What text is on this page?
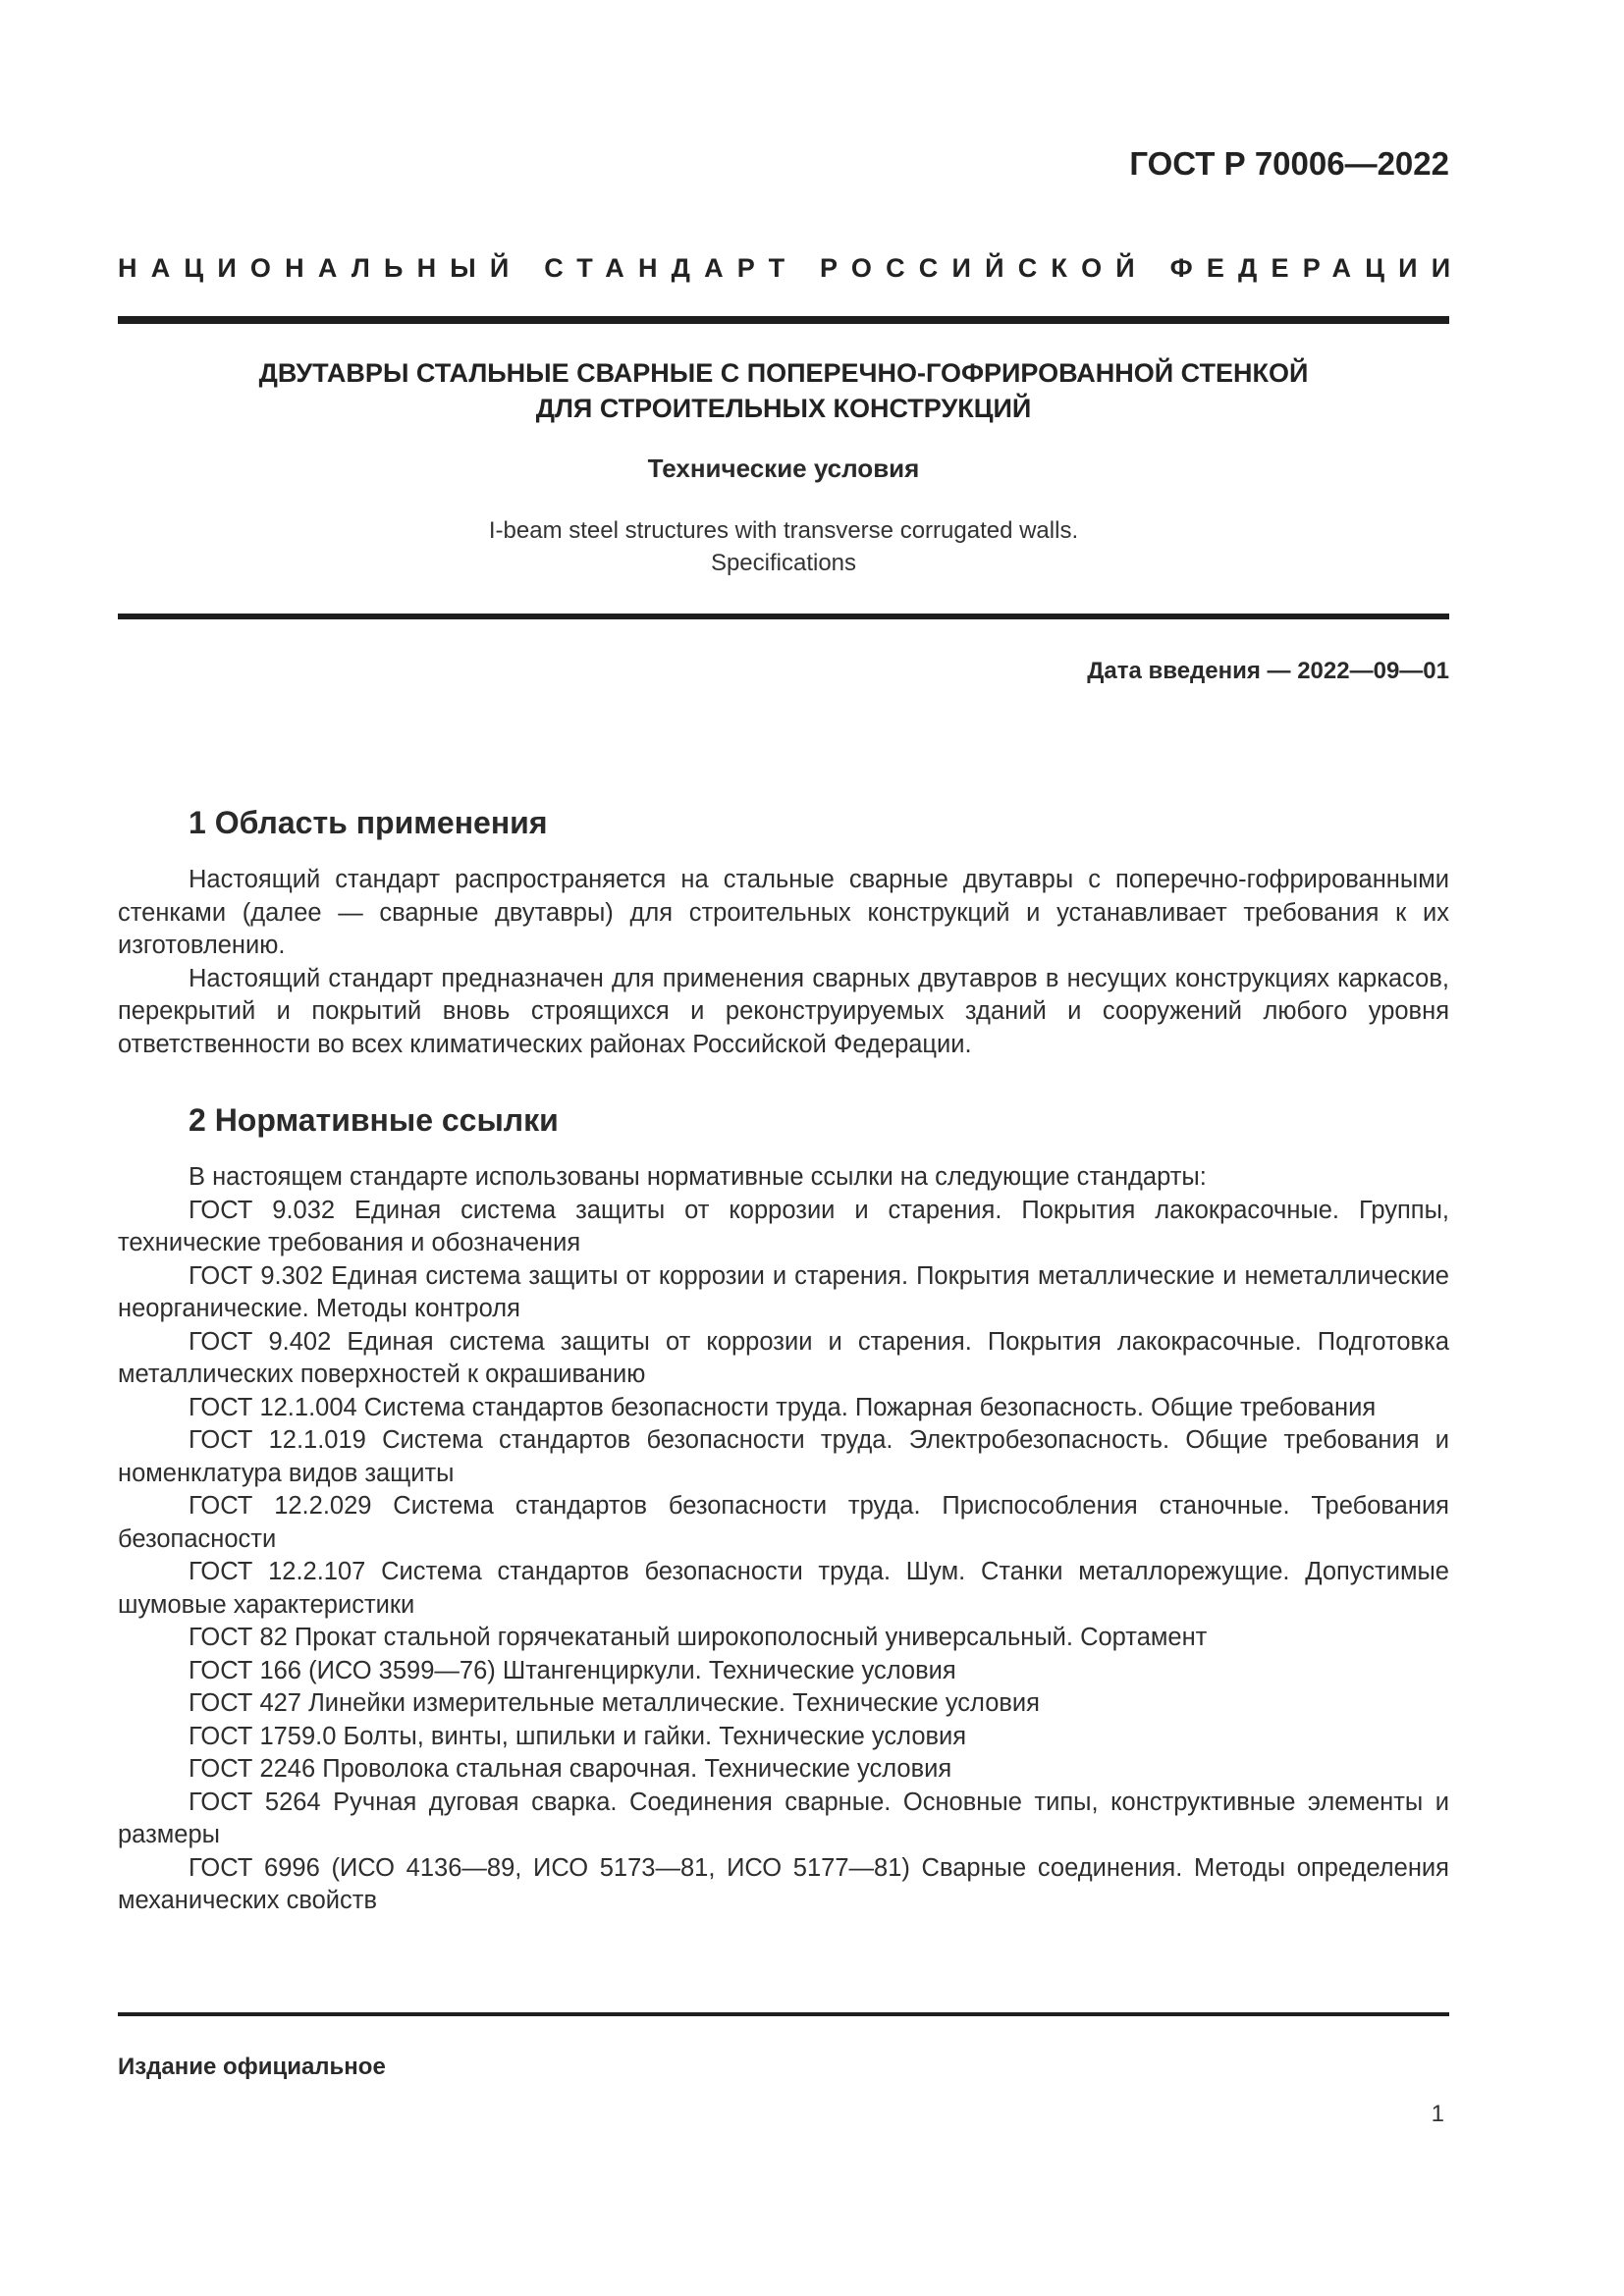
ГОСТ Р 70006—2022
НАЦИОНАЛЬНЫЙ СТАНДАРТ РОССИЙСКОЙ ФЕДЕРАЦИИ
ДВУТАВРЫ СТАЛЬНЫЕ СВАРНЫЕ С ПОПЕРЕЧНО-ГОФРИРОВАННОЙ СТЕНКОЙ
ДЛЯ СТРОИТЕЛЬНЫХ КОНСТРУКЦИЙ
Технические условия
I-beam steel structures with transverse corrugated walls.
Specifications
Дата введения — 2022—09—01
1 Область применения

Настоящий стандарт распространяется на стальные сварные двутавры с поперечно-гофрированными стенками (далее — сварные двутавры) для строительных конструкций и устанавливает требования к их изготовлению.

Настоящий стандарт предназначен для применения сварных двутавров в несущих конструкциях каркасов, перекрытий и покрытий вновь строящихся и реконструируемых зданий и сооружений любого уровня ответственности во всех климатических районах Российской Федерации.

2 Нормативные ссылки

В настоящем стандарте использованы нормативные ссылки на следующие стандарты:

ГОСТ 9.032 Единая система защиты от коррозии и старения. Покрытия лакокрасочные. Группы, технические требования и обозначения

ГОСТ 9.302 Единая система защиты от коррозии и старения. Покрытия металлические и неметаллические неорганические. Методы контроля

ГОСТ 9.402 Единая система защиты от коррозии и старения. Покрытия лакокрасочные. Подготовка металлических поверхностей к окрашиванию

ГОСТ 12.1.004 Система стандартов безопасности труда. Пожарная безопасность. Общие требования

ГОСТ 12.1.019 Система стандартов безопасности труда. Электробезопасность. Общие требования и номенклатура видов защиты

ГОСТ 12.2.029 Система стандартов безопасности труда. Приспособления станочные. Требования безопасности

ГОСТ 12.2.107 Система стандартов безопасности труда. Шум. Станки металлорежущие. Допустимые шумовые характеристики

ГОСТ 82 Прокат стальной горячекатаный широкополосный универсальный. Сортамент

ГОСТ 166 (ИСО 3599—76) Штангенциркули. Технические условия

ГОСТ 427 Линейки измерительные металлические. Технические условия

ГОСТ 1759.0 Болты, винты, шпильки и гайки. Технические условия

ГОСТ 2246 Проволока стальная сварочная. Технические условия

ГОСТ 5264 Ручная дуговая сварка. Соединения сварные. Основные типы, конструктивные элементы и размеры

ГОСТ 6996 (ИСО 4136—89, ИСО 5173—81, ИСО 5177—81) Сварные соединения. Методы определения механических свойств

Издание официальное
1
